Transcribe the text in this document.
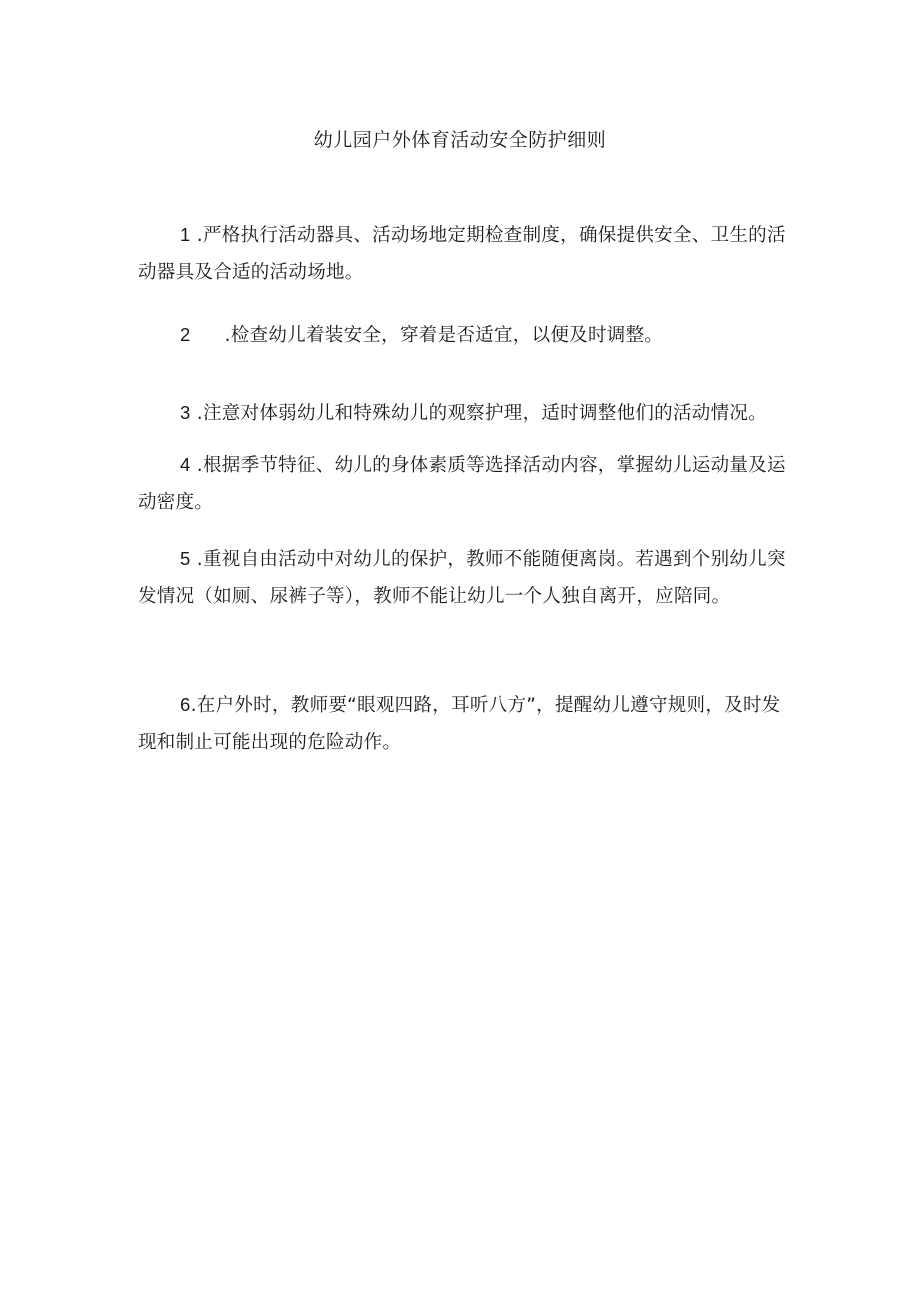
幼儿园户外体育活动安全防护细则

1 .严格执行活动器具、活动场地定期检查制度，确保提供安全、卫生的活动器具及合适的活动场地。

2 .检查幼儿着装安全，穿着是否适宜，以便及时调整。

3 .注意对体弱幼儿和特殊幼儿的观察护理，适时调整他们的活动情况。

4 .根据季节特征、幼儿的身体素质等选择活动内容，掌握幼儿运动量及运动密度。

5 .重视自由活动中对幼儿的保护，教师不能随便离岗。若遇到个别幼儿突发情况（如厕、尿裤子等），教师不能让幼儿一个人独自离开，应陪同。

6.在户外时，教师要“眼观四路，耳听八方”，提醒幼儿遵守规则，及时发现和制止可能出现的危险动作。
